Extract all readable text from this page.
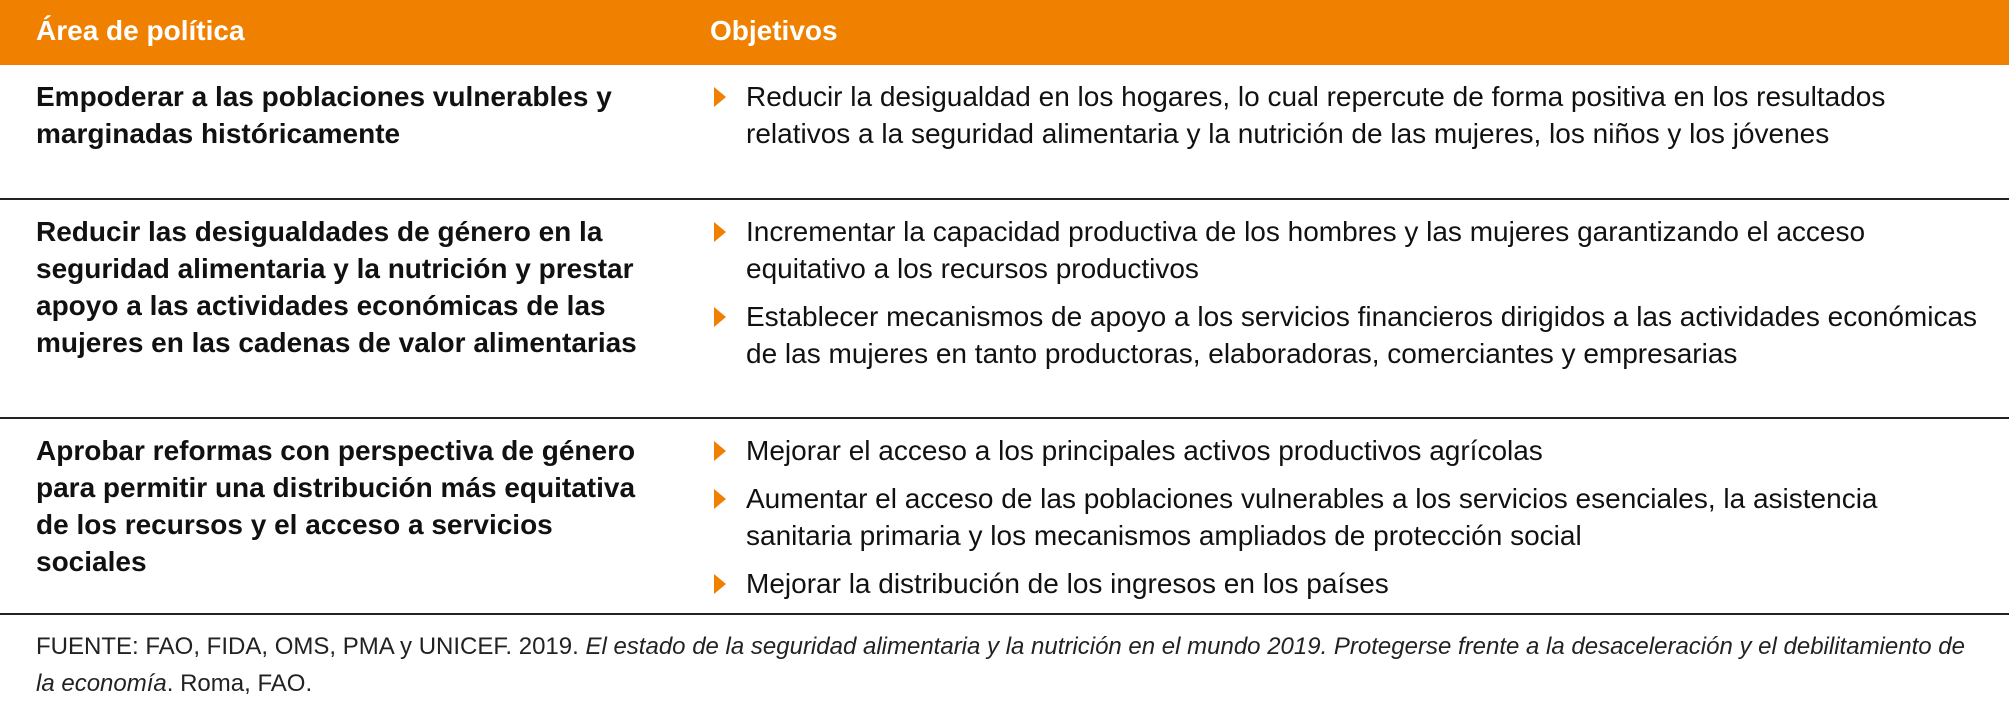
Área de política	Objetivos
Empoderar a las poblaciones vulnerables y marginadas históricamente
Reducir la desigualdad en los hogares, lo cual repercute de forma positiva en los resultados relativos a la seguridad alimentaria y la nutrición de las mujeres, los niños y los jóvenes
Reducir las desigualdades de género en la seguridad alimentaria y la nutrición y prestar apoyo a las actividades económicas de las mujeres en las cadenas de valor alimentarias
Incrementar la capacidad productiva de los hombres y las mujeres garantizando el acceso equitativo a los recursos productivos
Establecer mecanismos de apoyo a los servicios financieros dirigidos a las actividades económicas de las mujeres en tanto productoras, elaboradoras, comerciantes y empresarias
Aprobar reformas con perspectiva de género para permitir una distribución más equitativa de los recursos y el acceso a servicios sociales
Mejorar el acceso a los principales activos productivos agrícolas
Aumentar el acceso de las poblaciones vulnerables a los servicios esenciales, la asistencia sanitaria primaria y los mecanismos ampliados de protección social
Mejorar la distribución de los ingresos en los países
FUENTE: FAO, FIDA, OMS, PMA y UNICEF. 2019. El estado de la seguridad alimentaria y la nutrición en el mundo 2019. Protegerse frente a la desaceleración y el debilitamiento de la economía. Roma, FAO.
